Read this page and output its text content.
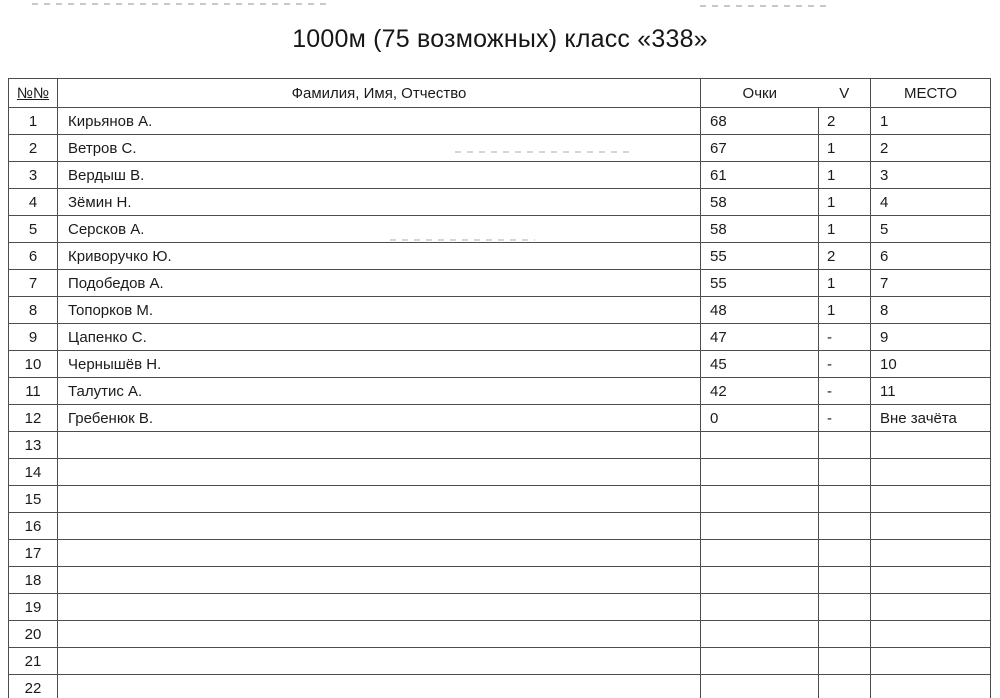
1000м (75 возможных) класс «338»
№№	Фамилия, Имя, Отчество	Очки	V	МЕСТО
1	Кирьянов А.	68	2	1
2	Ветров С.	67	1	2
3	Вердыш В.	61	1	3
4	Зёмин Н.	58	1	4
5	Серсков А.	58	1	5
6	Криворучко Ю.	55	2	6
7	Подобедов А.	55	1	7
8	Топорков М.	48	1	8
9	Цапенко С.	47	-	9
10	Чернышёв Н.	45	-	10
11	Талутис А.	42	-	11
12	Гребенюк В.	0	-	Вне зачёта
13				
14				
15				
16				
17				
18				
19				
20				
21				
22				
